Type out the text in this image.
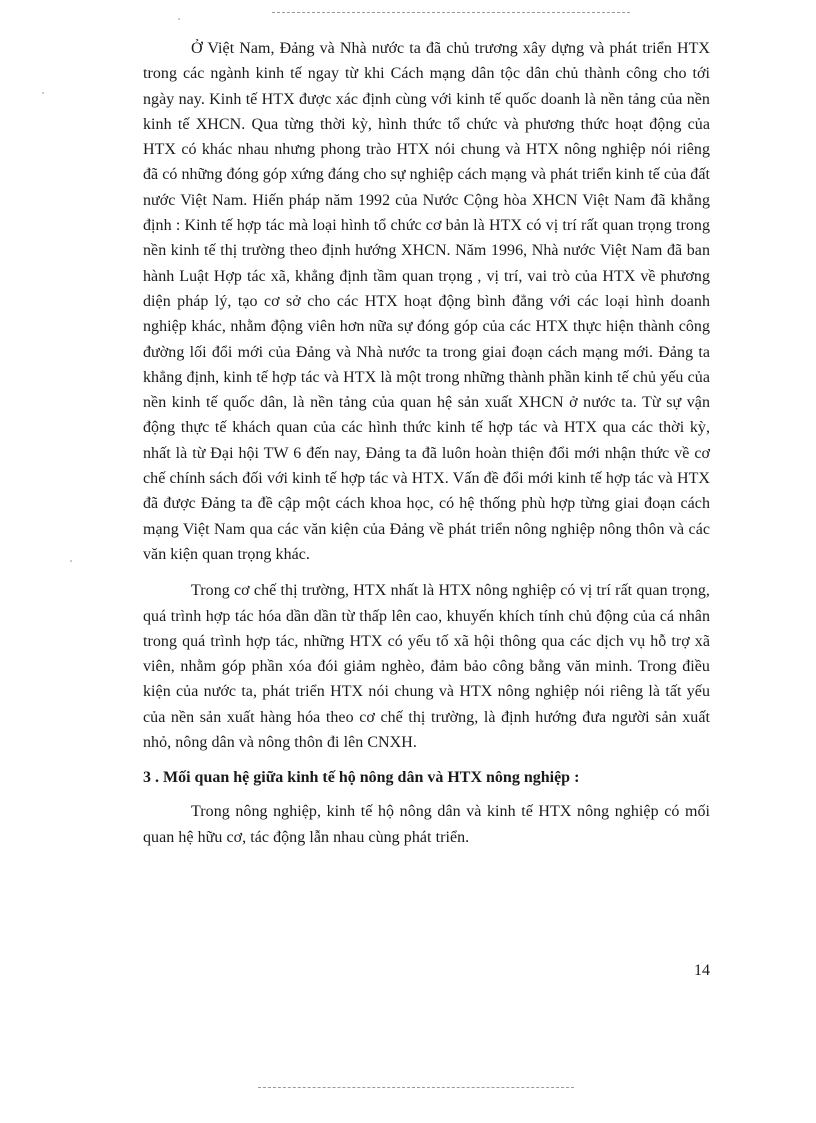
Ở Việt Nam, Đảng và Nhà nước ta đã chủ trương xây dựng và phát triển HTX trong các ngành kinh tế ngay từ khi Cách mạng dân tộc dân chủ thành công cho tới ngày nay. Kinh tế HTX được xác định cùng với kinh tế quốc doanh là nền tảng của nền kinh tế XHCN. Qua từng thời kỳ, hình thức tổ chức và phương thức hoạt động của HTX có khác nhau nhưng phong trào HTX nói chung và HTX nông nghiệp nói riêng đã có những đóng góp xứng đáng cho sự nghiệp cách mạng và phát triển kinh tế của đất nước Việt Nam. Hiến pháp năm 1992 của Nước Cộng hòa XHCN Việt Nam đã khẳng định : Kinh tế hợp tác mà loại hình tổ chức cơ bản là HTX có vị trí rất quan trọng trong nền kinh tế thị trường theo định hướng XHCN. Năm 1996, Nhà nước Việt Nam đã ban hành Luật Hợp tác xã, khẳng định tầm quan trọng , vị trí, vai trò của HTX về phương diện pháp lý, tạo cơ sở cho các HTX hoạt động bình đẳng với các loại hình doanh nghiệp khác, nhằm động viên hơn nữa sự đóng góp của các HTX thực hiện thành công đường lối đổi mới của Đảng và Nhà nước ta trong giai đoạn cách mạng mới. Đảng ta khẳng định, kinh tế hợp tác và HTX là một trong những thành phần kinh tế chủ yếu của nền kinh tế quốc dân, là nền tảng của quan hệ sản xuất XHCN ở nước ta. Từ sự vận động thực tế khách quan của các hình thức kinh tế hợp tác và HTX qua các thời kỳ, nhất là từ Đại hội TW 6 đến nay, Đảng ta đã luôn hoàn thiện đổi mới nhận thức về cơ chế chính sách đối với kinh tế hợp tác và HTX. Vấn đề đổi mới kinh tế hợp tác và HTX đã được Đảng ta đề cập một cách khoa học, có hệ thống phù hợp từng giai đoạn cách mạng Việt Nam qua các văn kiện của Đảng về phát triển nông nghiệp nông thôn và các văn kiện quan trọng khác.

Trong cơ chế thị trường, HTX nhất là HTX nông nghiệp có vị trí rất quan trọng, quá trình hợp tác hóa dần dần từ thấp lên cao, khuyến khích tính chủ động của cá nhân trong quá trình hợp tác, những HTX có yếu tố xã hội thông qua các dịch vụ hỗ trợ xã viên, nhằm góp phần xóa đói giảm nghèo, đảm bảo công bằng văn minh. Trong điều kiện của nước ta, phát triển HTX nói chung và HTX nông nghiệp nói riêng là tất yếu của nền sản xuất hàng hóa theo cơ chế thị trường, là định hướng đưa người sản xuất nhỏ, nông dân và nông thôn đi lên CNXH.

3 . Mối quan hệ giữa kinh tế hộ nông dân và HTX nông nghiệp :

Trong nông nghiệp, kinh tế hộ nông dân và kinh tế HTX nông nghiệp có mối quan hệ hữu cơ, tác động lẫn nhau cùng phát triển.

14
